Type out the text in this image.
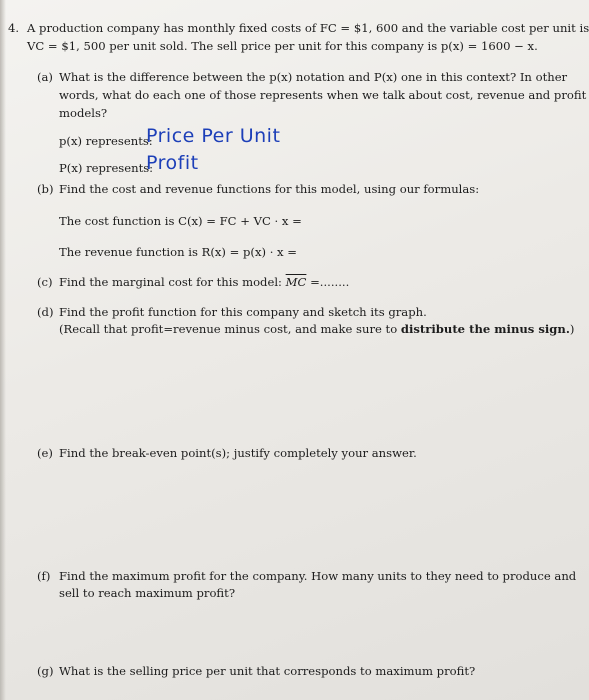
4. A production company has monthly fixed costs of FC = $1, 600 and the variable cost per unit is
VC = $1, 500 per unit sold. The sell price per unit for this company is p(x) = 1600 − x.
(a) What is the difference between the p(x) notation and P(x) one in this context? In other
words, what do each one of those represents when we talk about cost, revenue and profit
models?
p(x) represents:
Price Per Unit
P(x) represents:
Profit
(b) Find the cost and revenue functions for this model, using our formulas:
The cost function is C(x) = FC + VC · x =
The revenue function is R(x) = p(x) · x =
(c) Find the marginal cost for this model: $\overline{MC}$ =........
(d) Find the profit function for this company and sketch its graph.
(Recall that profit=revenue minus cost, and make sure to distribute the minus sign.)
(e) Find the break-even point(s); justify completely your answer.
(f) Find the maximum profit for the company. How many units to they need to produce and
sell to reach maximum profit?
(g) What is the selling price per unit that corresponds to maximum profit?
